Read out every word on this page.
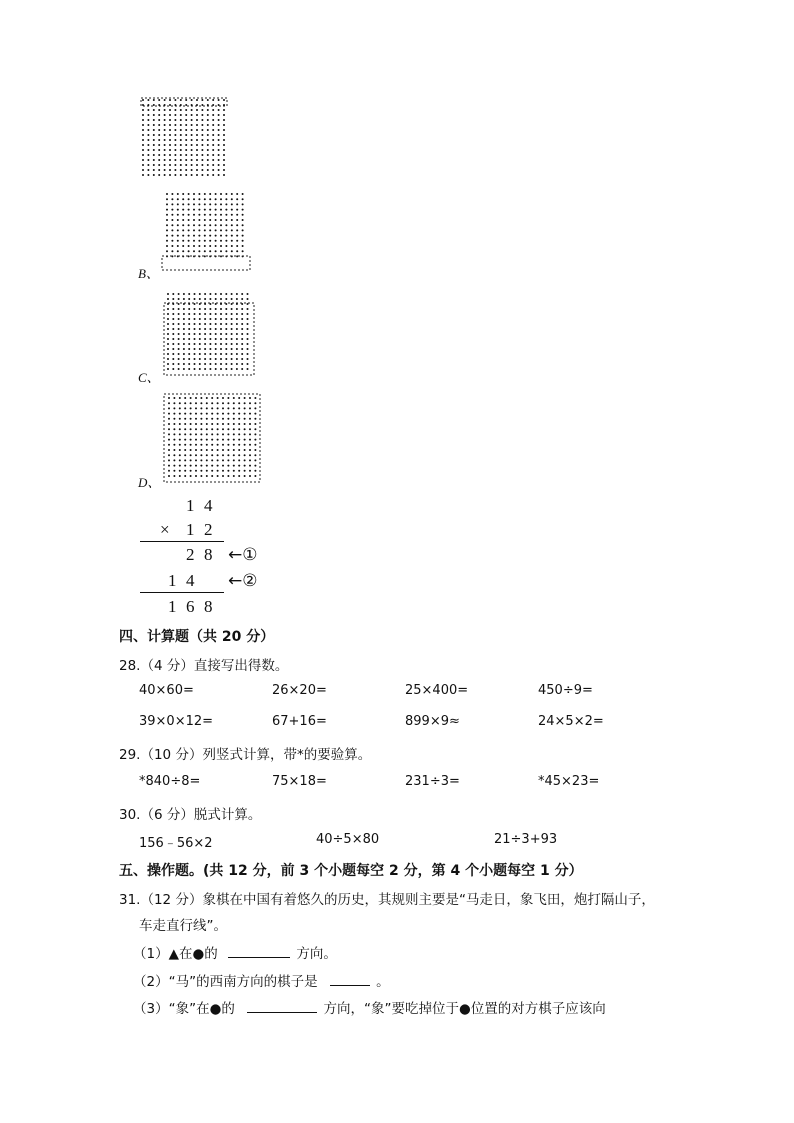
B、
C、
D、
1 4
× 1 2
2 8 ←①
1 4 ←②
1 6 8
四、计算题（共 20 分）
28.（4 分）直接写出得数。
40×60=	26×20=	25×400=	450÷9=
39×0×12=	67+16=	899×9≈	24×5×2=
29.（10 分）列竖式计算，带*的要验算。
*840÷8=	75×18=	231÷3=	*45×23=
30.（6 分）脱式计算。
156﹣56×2	40÷5×80	21÷3+93
五、操作题。(共 12 分，前 3 个小题每空 2 分，第 4 个小题每空 1 分）
31.（12 分）象棋在中国有着悠久的历史，其规则主要是“马走日，象飞田，炮打隔山子，
车走直行线”。
（1）▲在●的	方向。
（2）“马”的西南方向的棋子是	。
（3）“象”在●的	方向，“象”要吃掉位于●位置的对方棋子应该向
